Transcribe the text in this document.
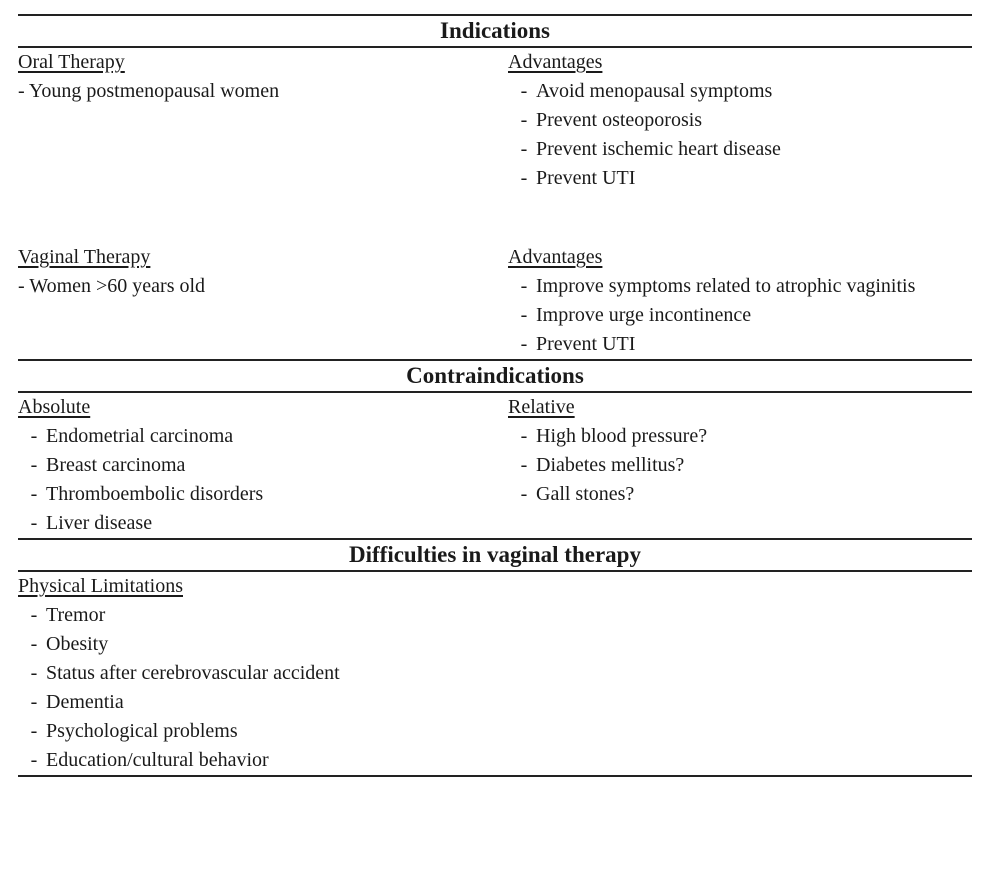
Indications
Oral Therapy
- Young postmenopausal women
Advantages
- Avoid menopausal symptoms
- Prevent osteoporosis
- Prevent ischemic heart disease
- Prevent UTI
Vaginal Therapy
- Women >60 years old
Advantages
- Improve symptoms related to atrophic vaginitis
- Improve urge incontinence
- Prevent UTI
Contraindications
Absolute
- Endometrial carcinoma
- Breast carcinoma
- Thromboembolic disorders
- Liver disease
Relative
- High blood pressure?
- Diabetes mellitus?
- Gall stones?
Difficulties in vaginal therapy
Physical Limitations
- Tremor
- Obesity
- Status after cerebrovascular accident
- Dementia
- Psychological problems
- Education/cultural behavior
